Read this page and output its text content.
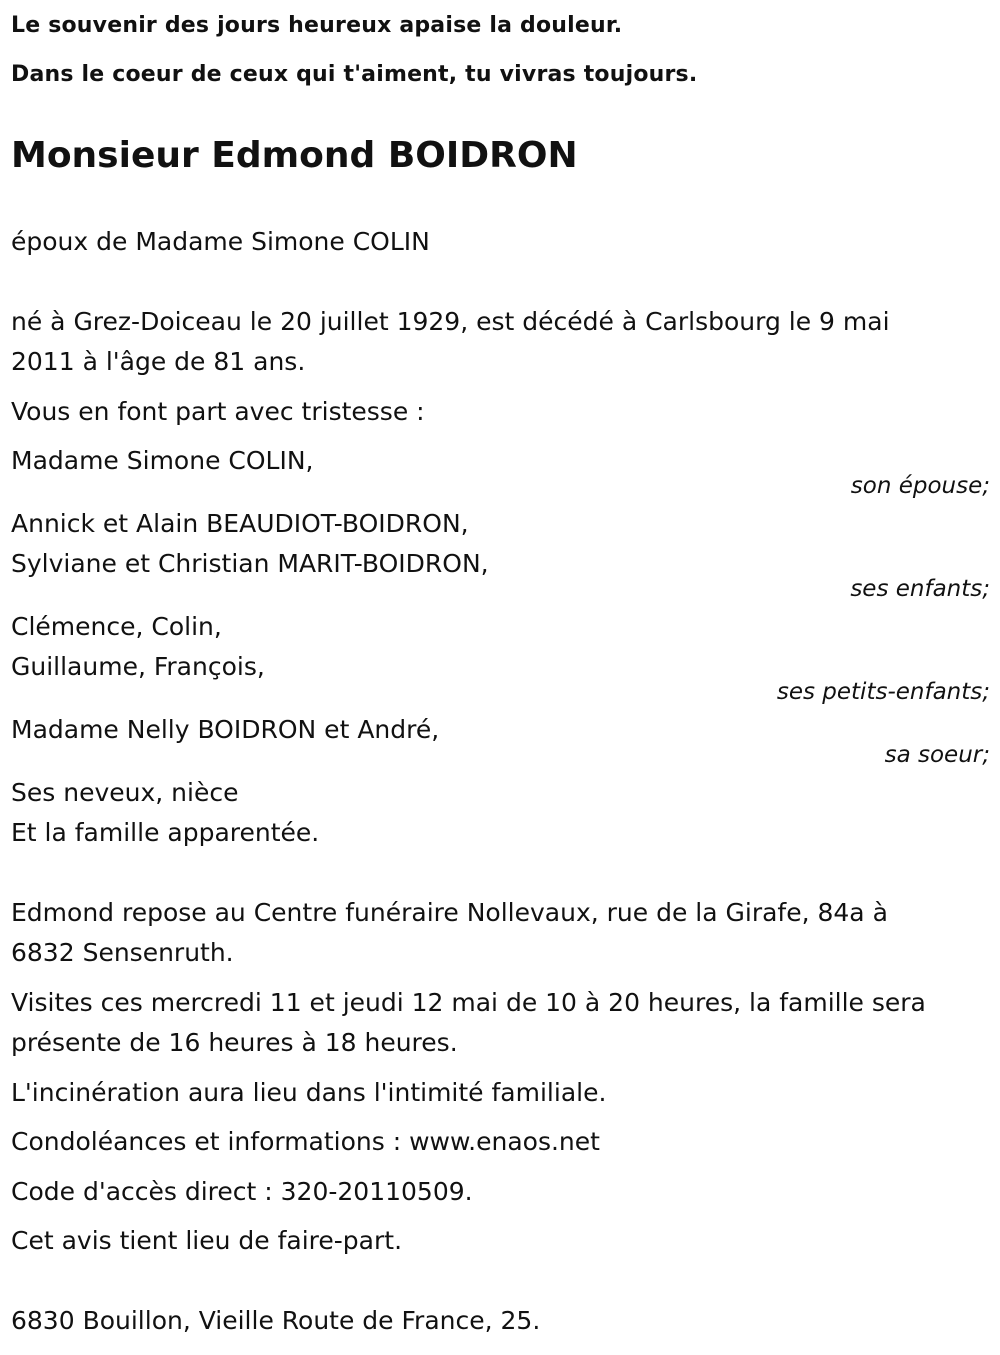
Le souvenir des jours heureux apaise la douleur.
Dans le coeur de ceux qui t'aiment, tu vivras toujours.
Monsieur Edmond BOIDRON
époux de Madame Simone COLIN
né à Grez-Doiceau le 20 juillet 1929, est décédé à Carlsbourg le 9 mai
2011 à l'âge de 81 ans.
Vous en font part avec tristesse :
Madame Simone COLIN,
son épouse;
Annick et Alain BEAUDIOT-BOIDRON,
Sylviane et Christian MARIT-BOIDRON,
ses enfants;
Clémence, Colin,
Guillaume, François,
ses petits-enfants;
Madame Nelly BOIDRON et André,
sa soeur;
Ses neveux, nièce
Et la famille apparentée.
Edmond repose au Centre funéraire Nollevaux, rue de la Girafe, 84a à
6832 Sensenruth.
Visites ces mercredi 11 et jeudi 12 mai de 10 à 20 heures, la famille sera
présente de 16 heures à 18 heures.
L'incinération aura lieu dans l'intimité familiale.
Condoléances et informations : www.enaos.net
Code d'accès direct : 320-20110509.
Cet avis tient lieu de faire-part.
6830 Bouillon, Vieille Route de France, 25.
